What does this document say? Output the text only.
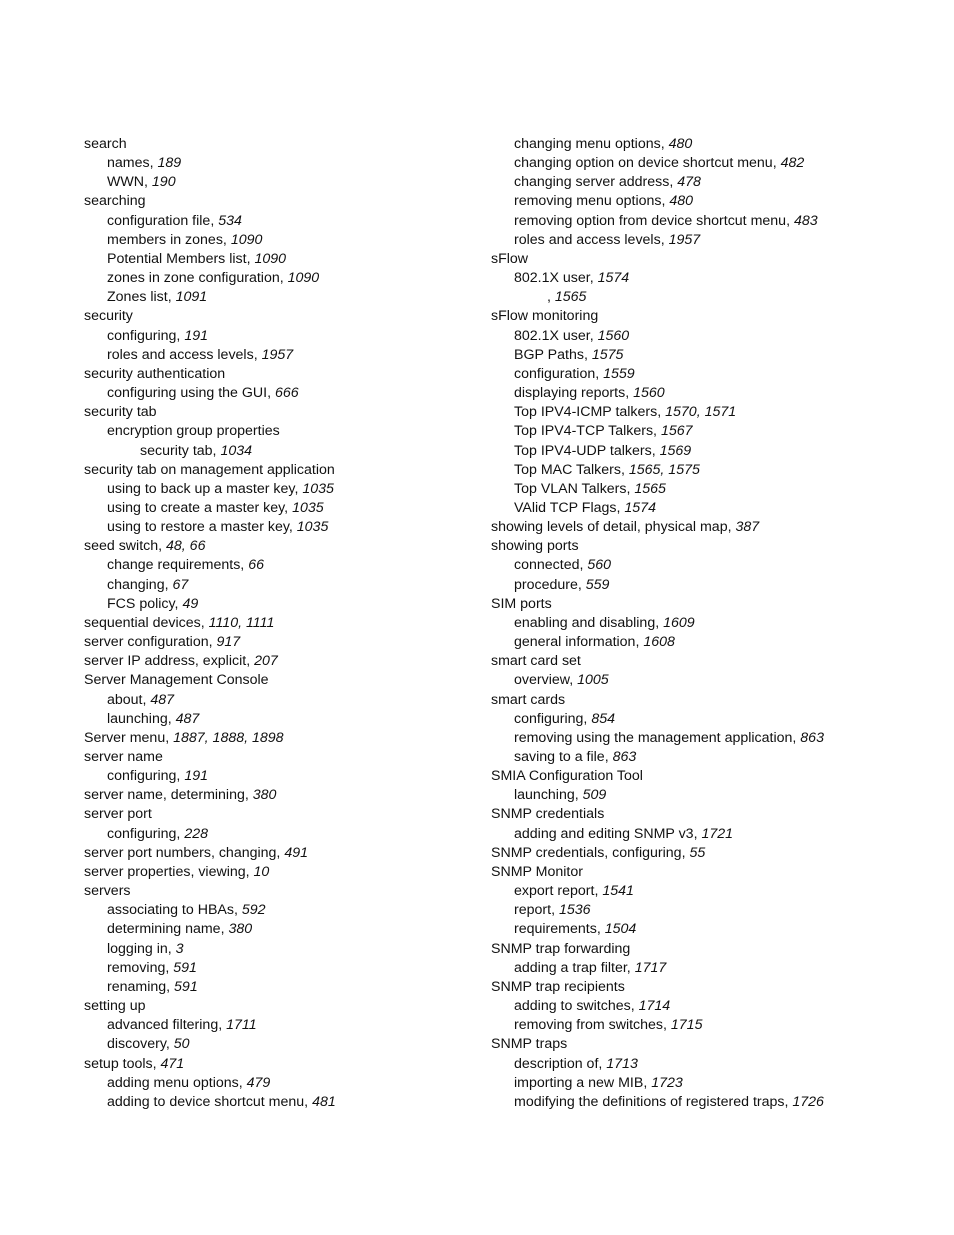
search
names, 189
WWN, 190
searching
configuration file, 534
members in zones, 1090
Potential Members list, 1090
zones in zone configuration, 1090
Zones list, 1091
security
configuring, 191
roles and access levels, 1957
security authentication
configuring using the GUI, 666
security tab
encryption group properties
security tab, 1034
security tab on management application
using to back up a master key, 1035
using to create a master key, 1035
using to restore a master key, 1035
seed switch, 48, 66
change requirements, 66
changing, 67
FCS policy, 49
sequential devices, 1110, 1111
server configuration, 917
server IP address, explicit, 207
Server Management Console
about, 487
launching, 487
Server menu, 1887, 1888, 1898
server name
configuring, 191
server name, determining, 380
server port
configuring, 228
server port numbers, changing, 491
server properties, viewing, 10
servers
associating to HBAs, 592
determining name, 380
logging in, 3
removing, 591
renaming, 591
setting up
advanced filtering, 1711
discovery, 50
setup tools, 471
adding menu options, 479
adding to device shortcut menu, 481
changing menu options, 480
changing option on device shortcut menu, 482
changing server address, 478
removing menu options, 480
removing option from device shortcut menu, 483
roles and access levels, 1957
sFlow
802.1X user, 1574
, 1565
sFlow monitoring
802.1X user, 1560
BGP Paths, 1575
configuration, 1559
displaying reports, 1560
Top IPV4-ICMP talkers, 1570, 1571
Top IPV4-TCP Talkers, 1567
Top IPV4-UDP talkers, 1569
Top MAC Talkers, 1565, 1575
Top VLAN Talkers, 1565
VAlid TCP Flags, 1574
showing levels of detail, physical map, 387
showing ports
connected, 560
procedure, 559
SIM ports
enabling and disabling, 1609
general information, 1608
smart card set
overview, 1005
smart cards
configuring, 854
removing using the management application, 863
saving to a file, 863
SMIA Configuration Tool
launching, 509
SNMP credentials
adding and editing SNMP v3, 1721
SNMP credentials, configuring, 55
SNMP Monitor
export report, 1541
report, 1536
requirements, 1504
SNMP trap forwarding
adding a trap filter, 1717
SNMP trap recipients
adding to switches, 1714
removing from switches, 1715
SNMP traps
description of, 1713
importing a new MIB, 1723
modifying the definitions of registered traps, 1726
